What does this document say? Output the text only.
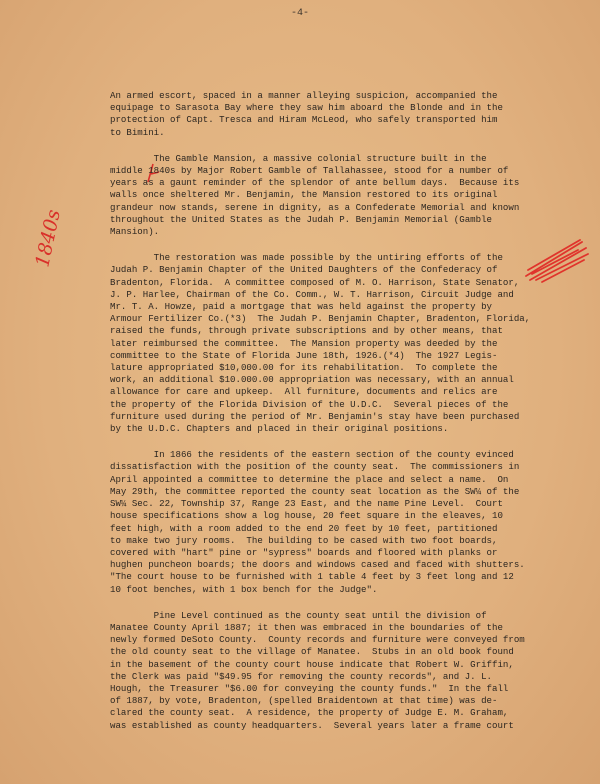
-4-
1840s

An armed escort, spaced in a manner alleying suspicion, accompanied the
equipage to Sarasota Bay where they saw him aboard the Blonde and in the
protection of Capt. Tresca and Hiram McLeod, who safely transported him
to Bimini.

The Gamble Mansion, a massive colonial structure built in the
middle 1840s by Major Robert Gamble of Tallahassee, stood for a number of
years as a gaunt reminder of the splendor of ante bellum days.  Because its
walls once sheltered Mr. Benjamin, the Mansion restored to its original
grandeur now stands, serene in dignity, as a Confederate Memorial and known
throughout the United States as the Judah P. Benjamin Memorial (Gamble
Mansion).

The restoration was made possible by the untiring efforts of the
Judah P. Benjamin Chapter of the United Daughters of the Confederacy of
Bradenton, Florida.  A committee composed of M. O. Harrison, State Senator,
J. P. Harlee, Chairman of the Co. Comm., W. T. Harrison, Circuit Judge and
Mr. T. A. Howze, paid a mortgage that was held against the property by
Armour Fertilizer Co.(*3)  The Judah P. Benjamin Chapter, Bradenton, Florida,
raised the funds, through private subscriptions and by other means, that
later reimbursed the committee.  The Mansion property was deeded by the
committee to the State of Florida June 18th, 1926.(*4)  The 1927 Legis-
lature appropriated $10,000.00 for its rehabilitation.  To complete the
work, an additional $10.000.00 appropriation was necessary, with an annual
allowance for care and upkeep.  All furniture, documents and relics are
the property of the Florida Division of the U.D.C.  Several pieces of the
furniture used during the period of Mr. Benjamin's stay have been purchased
by the U.D.C. Chapters and placed in their original positions.

In 1866 the residents of the eastern section of the county evinced
dissatisfaction with the position of the county seat.  The commissioners in
April appointed a committee to determine the place and select a name.  On
May 29th, the committee reported the county seat location as the SW¼ of the
SW¼ Sec. 22, Township 37, Range 23 East, and the name Pine Level.  Court
house specifications show a log house, 20 feet square in the eleaves, 10
feet high, with a room added to the end 20 feet by 10 feet, partitioned
to make two jury rooms.  The building to be cased with two foot boards,
covered with "hart" pine or "sypress" boards and floored with planks or
hughen puncheon boards; the doors and windows cased and faced with shutters.
"The court house to be furnished with 1 table 4 feet by 3 feet long and 12
10 foot benches, with 1 box bench for the Judge".

Pine Level continued as the county seat until the division of
Manatee County April 1887; it then was embraced in the boundaries of the
newly formed DeSoto County.  County records and furniture were conveyed from
the old county seat to the village of Manatee.  Stubs in an old book found
in the basement of the county court house indicate that Robert W. Griffin,
the Clerk was paid "$49.95 for removing the county records", and J. L.
Hough, the Treasurer "$6.00 for conveying the county funds."  In the fall
of 1887, by vote, Bradenton, (spelled Braidentown at that time) was de-
clared the county seat.  A residence, the property of Judge E. M. Graham,
was established as county headquarters.  Several years later a frame court
